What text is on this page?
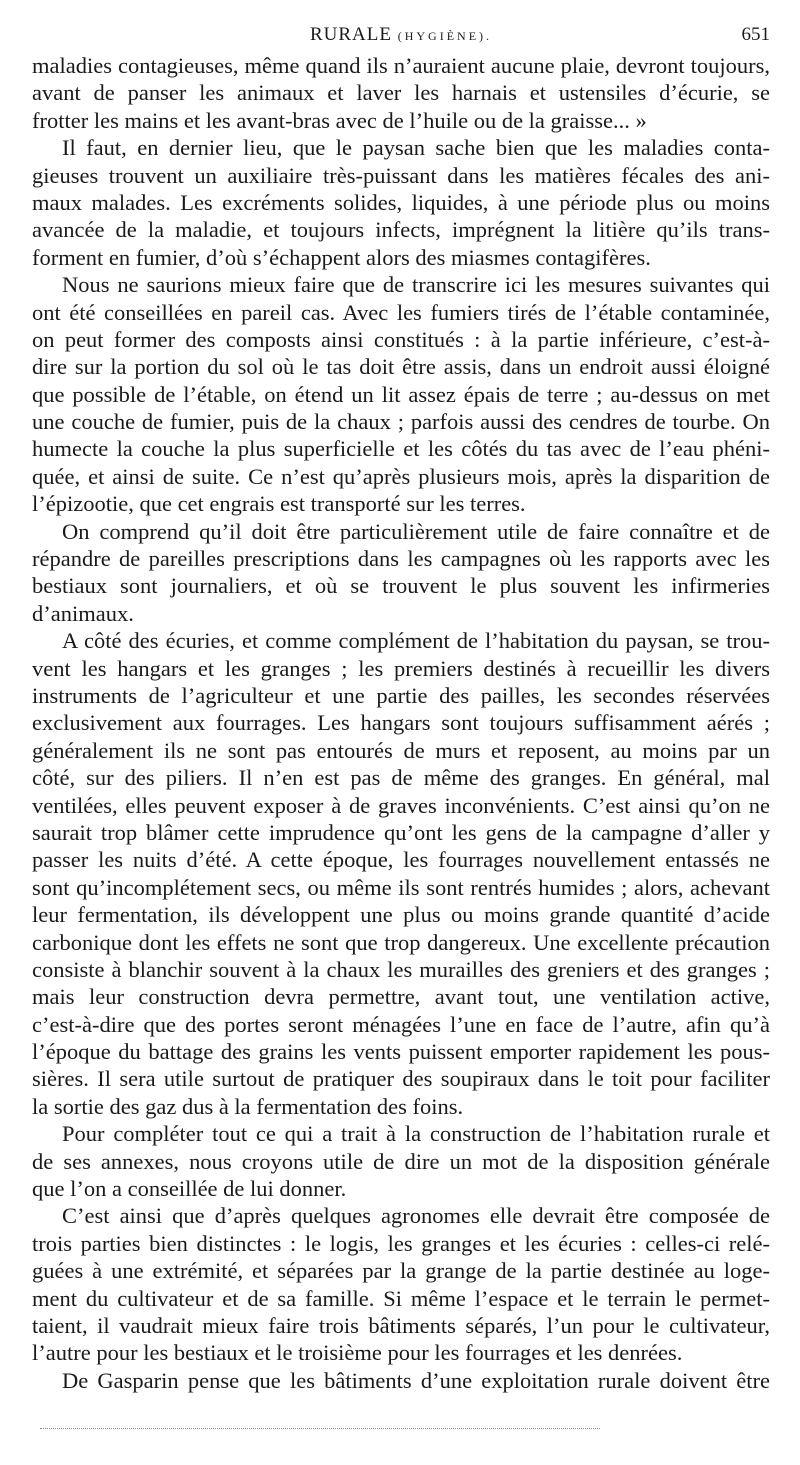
RURALE (HYGIÈNE).	651
maladies contagieuses, même quand ils n’auraient aucune plaie, devront toujours,
avant de panser les animaux et laver les harnais et ustensiles d’écurie, se
frotter les mains et les avant-bras avec de l’huile ou de la graisse... »
Il faut, en dernier lieu, que le paysan sache bien que les maladies conta-
gieuses trouvent un auxiliaire très-puissant dans les matières fécales des ani-
maux malades. Les excréments solides, liquides, à une période plus ou moins
avancée de la maladie, et toujours infects, imprégnent la litière qu’ils trans-
forment en fumier, d’où s’échappent alors des miasmes contagifères.
Nous ne saurions mieux faire que de transcrire ici les mesures suivantes qui
ont été conseillées en pareil cas. Avec les fumiers tirés de l’étable contaminée,
on peut former des composts ainsi constitués : à la partie inférieure, c’est-à-
dire sur la portion du sol où le tas doit être assis, dans un endroit aussi éloigné
que possible de l’étable, on étend un lit assez épais de terre ; au-dessus on met
une couche de fumier, puis de la chaux ; parfois aussi des cendres de tourbe. On
humecte la couche la plus superficielle et les côtés du tas avec de l’eau phéni-
quée, et ainsi de suite. Ce n’est qu’après plusieurs mois, après la disparition de
l’épizootie, que cet engrais est transporté sur les terres.
On comprend qu’il doit être particulièrement utile de faire connaître et de
répandre de pareilles prescriptions dans les campagnes où les rapports avec les
bestiaux sont journaliers, et où se trouvent le plus souvent les infirmeries
d’animaux.
A côté des écuries, et comme complément de l’habitation du paysan, se trou-
vent les hangars et les granges ; les premiers destinés à recueillir les divers
instruments de l’agriculteur et une partie des pailles, les secondes réservées
exclusivement aux fourrages. Les hangars sont toujours suffisamment aérés ;
généralement ils ne sont pas entourés de murs et reposent, au moins par un
côté, sur des piliers. Il n’en est pas de même des granges. En général, mal
ventilées, elles peuvent exposer à de graves inconvénients. C’est ainsi qu’on ne
saurait trop blâmer cette imprudence qu’ont les gens de la campagne d’aller y
passer les nuits d’été. A cette époque, les fourrages nouvellement entassés ne
sont qu’incomplétement secs, ou même ils sont rentrés humides ; alors, achevant
leur fermentation, ils développent une plus ou moins grande quantité d’acide
carbonique dont les effets ne sont que trop dangereux. Une excellente précaution
consiste à blanchir souvent à la chaux les murailles des greniers et des granges ;
mais leur construction devra permettre, avant tout, une ventilation active,
c’est-à-dire que des portes seront ménagées l’une en face de l’autre, afin qu’à
l’époque du battage des grains les vents puissent emporter rapidement les pous-
sières. Il sera utile surtout de pratiquer des soupiraux dans le toit pour faciliter
la sortie des gaz dus à la fermentation des foins.
Pour compléter tout ce qui a trait à la construction de l’habitation rurale et
de ses annexes, nous croyons utile de dire un mot de la disposition générale
que l’on a conseillée de lui donner.
C’est ainsi que d’après quelques agronomes elle devrait être composée de
trois parties bien distinctes : le logis, les granges et les écuries : celles-ci relé-
guées à une extrémité, et séparées par la grange de la partie destinée au loge-
ment du cultivateur et de sa famille. Si même l’espace et le terrain le permet-
taient, il vaudrait mieux faire trois bâtiments séparés, l’un pour le cultivateur,
l’autre pour les bestiaux et le troisième pour les fourrages et les denrées.
De Gasparin pense que les bâtiments d’une exploitation rurale doivent être
